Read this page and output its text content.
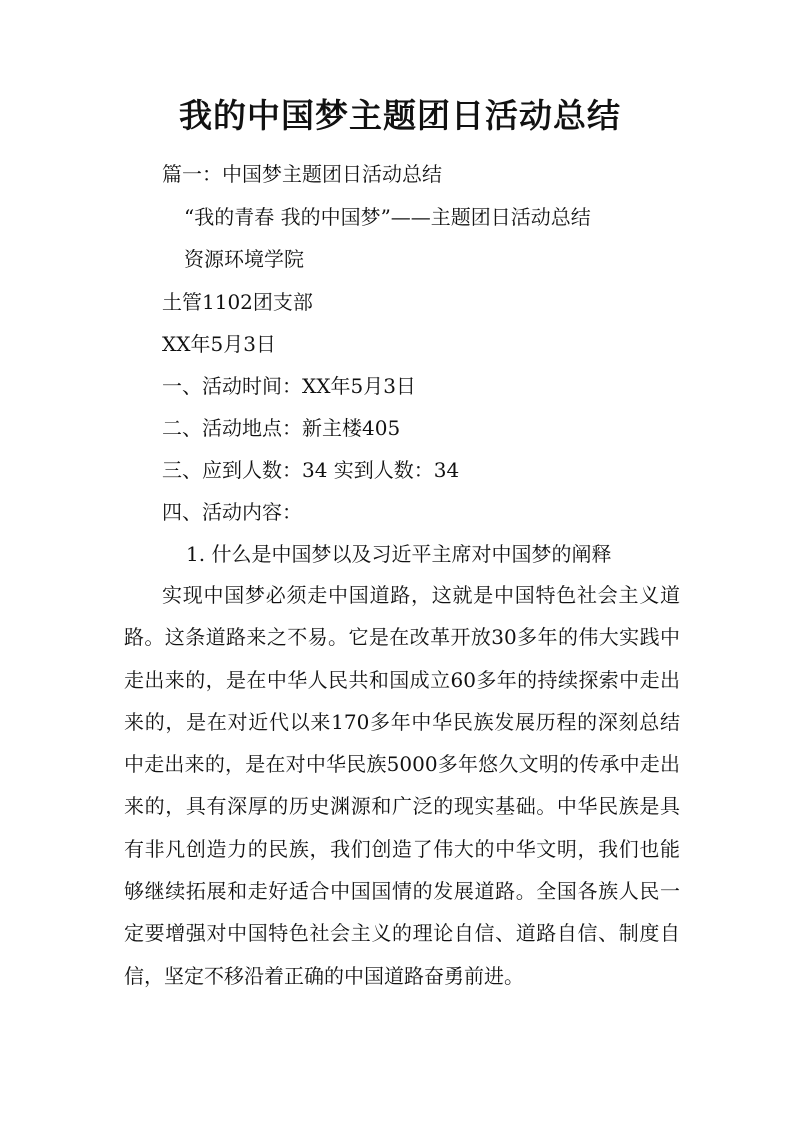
我的中国梦主题团日活动总结
篇一：中国梦主题团日活动总结
“我的青春 我的中国梦”——主题团日活动总结
资源环境学院
土管1102团支部
XX年5月3日
一、活动时间：XX年5月3日
二、活动地点：新主楼405
三、应到人数：34 实到人数：34
四、活动内容：
1. 什么是中国梦以及习近平主席对中国梦的阐释

实现中国梦必须走中国道路，这就是中国特色社会主义道路。这条道路来之不易。它是在改革开放30多年的伟大实践中走出来的，是在中华人民共和国成立60多年的持续探索中走出来的，是在对近代以来170多年中华民族发展历程的深刻总结中走出来的，是在对中华民族5000多年悠久文明的传承中走出来的，具有深厚的历史渊源和广泛的现实基础。中华民族是具有非凡创造力的民族，我们创造了伟大的中华文明，我们也能够继续拓展和走好适合中国国情的发展道路。全国各族人民一定要增强对中国特色社会主义的理论自信、道路自信、制度自信，坚定不移沿着正确的中国道路奋勇前进。
